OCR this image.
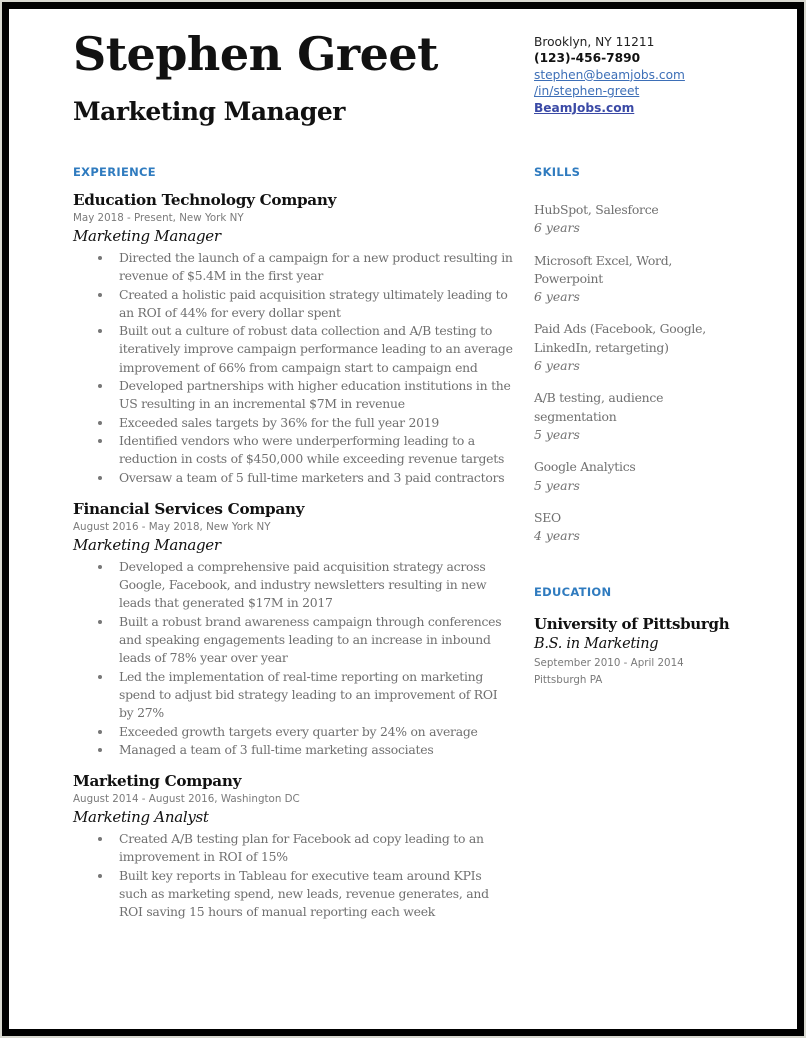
Stephen Greet
Marketing Manager
Brooklyn, NY 11211
(123)-456-7890
stephen@beamjobs.com
/in/stephen-greet
BeamJobs.com
EXPERIENCE
Education Technology Company
May 2018 - Present, New York NY
Marketing Manager
Directed the launch of a campaign for a new product resulting in revenue of $5.4M in the first year
Created a holistic paid acquisition strategy ultimately leading to an ROI of 44% for every dollar spent
Built out a culture of robust data collection and A/B testing to iteratively improve campaign performance leading to an average improvement of 66% from campaign start to campaign end
Developed partnerships with higher education institutions in the US resulting in an incremental $7M in revenue
Exceeded sales targets by 36% for the full year 2019
Identified vendors who were underperforming leading to a reduction in costs of $450,000 while exceeding revenue targets
Oversaw a team of 5 full-time marketers and 3 paid contractors
Financial Services Company
August 2016 - May 2018, New York NY
Marketing Manager
Developed a comprehensive paid acquisition strategy across Google, Facebook, and industry newsletters resulting in new leads that generated $17M in 2017
Built a robust brand awareness campaign through conferences and speaking engagements leading to an increase in inbound leads of 78% year over year
Led the implementation of real-time reporting on marketing spend to adjust bid strategy leading to an improvement of ROI by 27%
Exceeded growth targets every quarter by 24% on average
Managed a team of 3 full-time marketing associates
Marketing Company
August 2014 - August 2016, Washington DC
Marketing Analyst
Created A/B testing plan for Facebook ad copy leading to an improvement in ROI of 15%
Built key reports in Tableau for executive team around KPIs such as marketing spend, new leads, revenue generates, and ROI saving 15 hours of manual reporting each week
SKILLS
HubSpot, Salesforce
6 years
Microsoft Excel, Word, Powerpoint
6 years
Paid Ads (Facebook, Google, LinkedIn, retargeting)
6 years
A/B testing, audience segmentation
5 years
Google Analytics
5 years
SEO
4 years
EDUCATION
University of Pittsburgh
B.S. in Marketing
September 2010 - April 2014
Pittsburgh PA
